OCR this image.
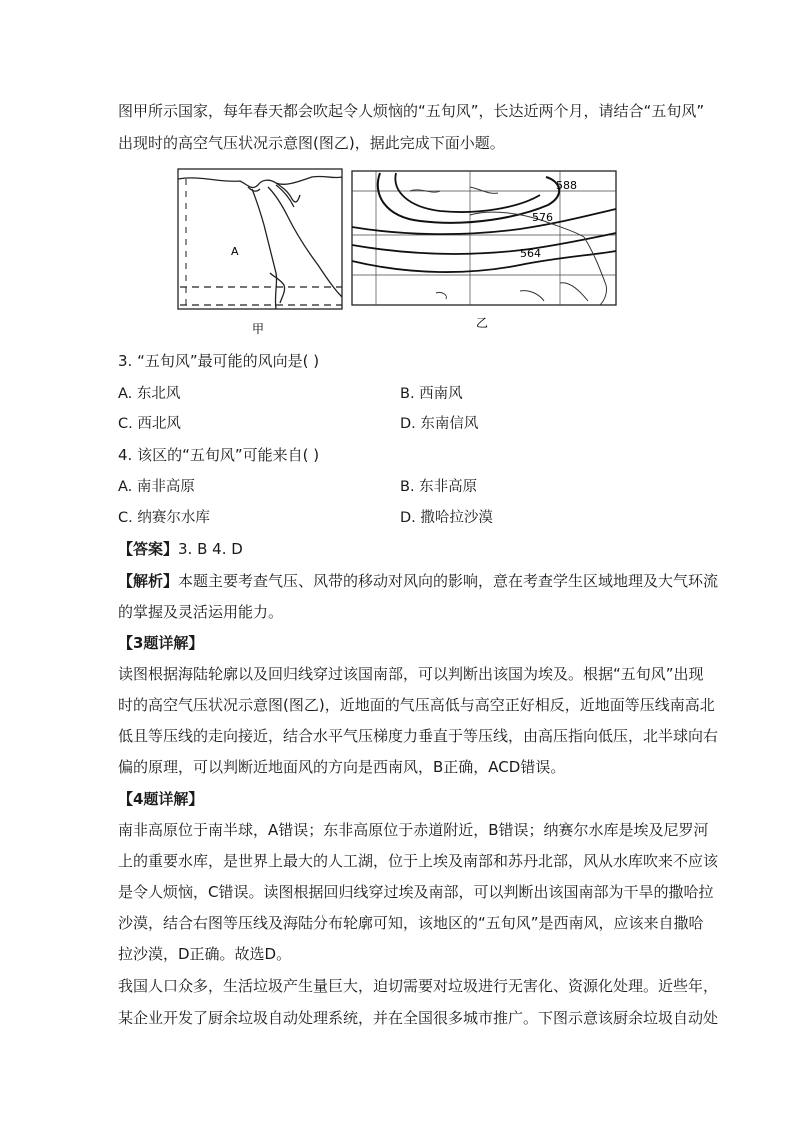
图甲所示国家，每年春天都会吹起令人烦恼的“五旬风”，长达近两个月，请结合“五旬风”
出现时的高空气压状况示意图(图乙)，据此完成下面小题。
A
甲
588
576
564
乙
3. “五旬风”最可能的风向是( )
A. 东北风	B. 西南风
C. 西北风	D. 东南信风
4. 该区的“五旬风”可能来自( )
A. 南非高原	B. 东非高原
C. 纳赛尔水库	D. 撒哈拉沙漠
【答案】3. B 4. D
【解析】本题主要考查气压、风带的移动对风向的影响，意在考查学生区域地理及大气环流
的掌握及灵活运用能力。
【3题详解】
读图根据海陆轮廓以及回归线穿过该国南部，可以判断出该国为埃及。根据“五旬风”出现
时的高空气压状况示意图(图乙)，近地面的气压高低与高空正好相反，近地面等压线南高北
低且等压线的走向接近，结合水平气压梯度力垂直于等压线，由高压指向低压，北半球向右
偏的原理，可以判断近地面风的方向是西南风，B正确，ACD错误。
【4题详解】
南非高原位于南半球，A错误；东非高原位于赤道附近，B错误；纳赛尔水库是埃及尼罗河
上的重要水库，是世界上最大的人工湖，位于上埃及南部和苏丹北部，风从水库吹来不应该
是令人烦恼，C错误。读图根据回归线穿过埃及南部，可以判断出该国南部为干旱的撒哈拉
沙漠，结合右图等压线及海陆分布轮廓可知，该地区的“五旬风”是西南风，应该来自撒哈
拉沙漠，D正确。故选D。
我国人口众多，生活垃圾产生量巨大，迫切需要对垃圾进行无害化、资源化处理。近些年，
某企业开发了厨余垃圾自动处理系统，并在全国很多城市推广。下图示意该厨余垃圾自动处
